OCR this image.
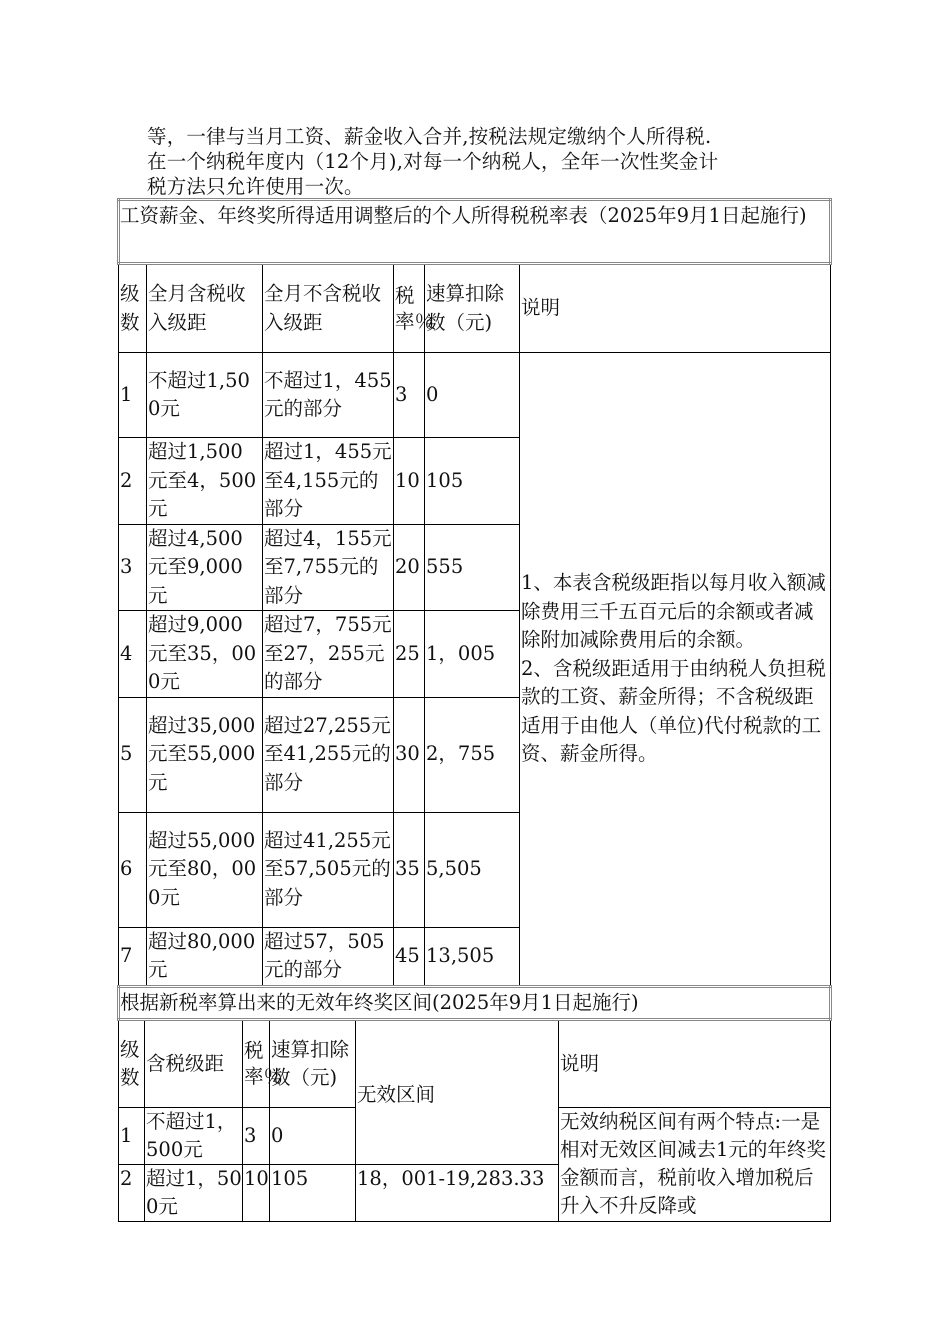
等，一律与当月工资、薪金收入合并,按税法规定缴纳个人所得税.

在一个纳税年度内（12个月),对每一个纳税人，全年一次性奖金计

税方法只允许使用一次。

工资薪金、年终奖所得适用调整后的个人所得税税率表（2025年9月1日起施行)					
级数	全月含税收入级距	全月不含税收入级距	税率％	速算扣除数（元)	说明
1	不超过1,500元	不超过1，455元的部分	3	0	1、本表含税级距指以每月收入额减除费用三千五百元后的余额或者减除附加减除费用后的余额。
2、含税级距适用于由纳税人负担税款的工资、薪金所得；不含税级距适用于由他人（单位)代付税款的工资、薪金所得。
2	超过1,500元至4，500元	超过1，455元至4,155元的部分	10	105	
3	超过4,500元至9,000元	超过4，155元至7,755元的部分	20	555	
4	超过9,000元至35，000元	超过7，755元至27，255元的部分	25	1，005	
5	超过35,000元至55,000元	超过27,255元至41,255元的部分	30	2，755	
6	超过55,000元至80，000元	超过41,255元至57,505元的部分	35	5,505	
7	超过80,000元	超过57，505元的部分	45	13,505	
根据新税率算出来的无效年终奖区间(2025年9月1日起施行)					
级数	含税级距	税率％	速算扣除数（元)	无效区间	说明
1	不超过1，500元	3	0		无效纳税区间有两个特点:一是相对无效区间减去1元的年终奖金额而言，税前收入增加税后升入不升反降或
2	超过1，500元	10	105	18，001-19,283.33	
